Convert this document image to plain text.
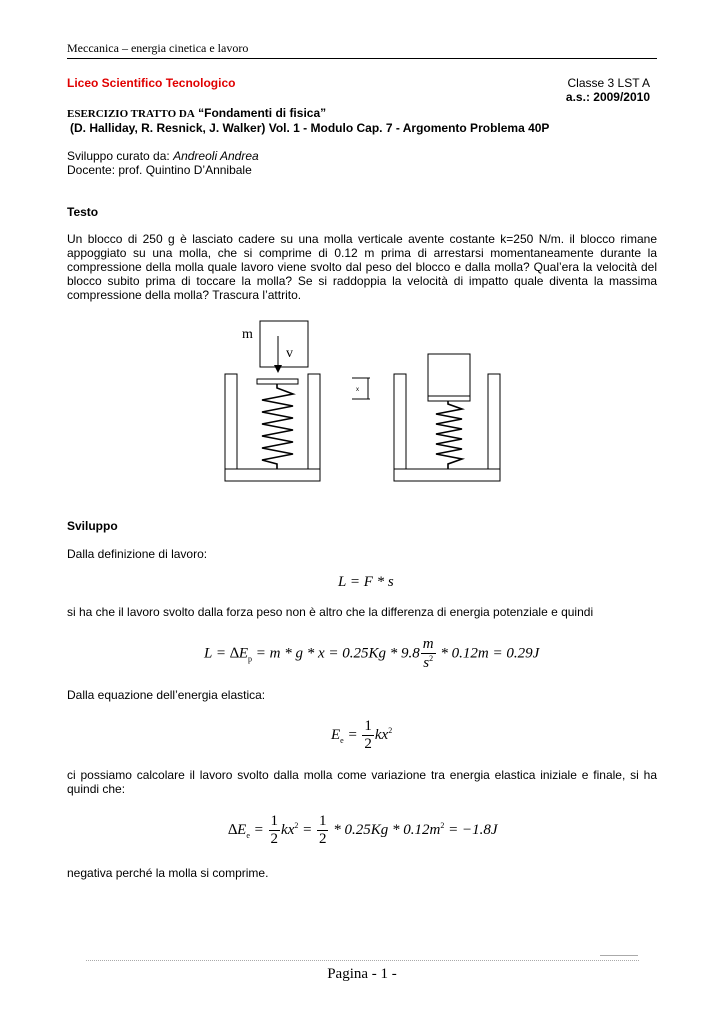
Meccanica – energia cinetica e lavoro
Liceo Scientifico Tecnologico	Classe 3 LST A
a.s.: 2009/2010
ESERCIZIO TRATTO DA “Fondamenti di fisica”
(D. Halliday, R. Resnick, J. Walker) Vol. 1 - Modulo Cap. 7 - Argomento Problema 40P
Sviluppo curato da: Andreoli Andrea
Docente: prof. Quintino D’Annibale
Testo
Un blocco di 250 g è lasciato cadere su una molla verticale avente costante k=250 N/m. il blocco rimane appoggiato su una molla, che si comprime di 0.12 m prima di arrestarsi momentaneamente durante la compressione della molla quale lavoro viene svolto dal peso del blocco e dalla molla? Qual’era la velocità del blocco subito prima di toccare la molla? Se si raddoppia la velocità di impatto quale diventa la massima compressione della molla? Trascura l’attrito.
m
v
x
Sviluppo
Dalla definizione di lavoro:
L = F * s
si ha che il lavoro svolto dalla forza peso non è altro che la differenza di energia potenziale e quindi
$L = \Delta E_p = m * g * x = 0.25Kg * 9.8 \frac{m}{s^2} * 0.12m = 0.29J$
Dalla equazione dell’energia elastica:
$E_e = \frac{1}{2} kx^2$
ci possiamo calcolare il lavoro svolto dalla molla come variazione tra energia elastica iniziale e finale, si ha quindi che:
$\Delta E_e = \frac{1}{2} kx^2 = \frac{1}{2} * 0.25Kg * 0.12m^2 = -1.8J$
negativa perché la molla si comprime.
Pagina - 1 -
